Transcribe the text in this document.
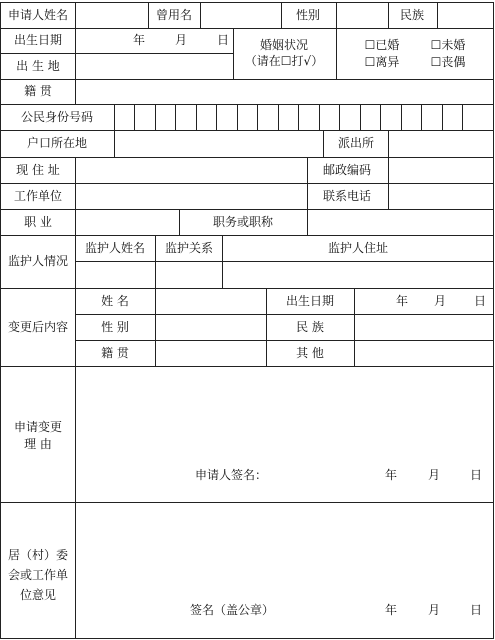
申请人姓名	曾用名	性别	民族
出生日期	年 月 日	婚姻状况
（请在☐打√）
☐已婚	☐未婚
☐离异	☐丧偶
出 生 地
籍 贯
公民身份号码
户口所在地	派出所
现 住 址	邮政编码
工作单位	联系电话
职 业	职务或职称
监护人情况
监护人姓名 监护关系	监护人住址
变更后内容
姓 名	出生日期	年 月 日
性 别	民 族
籍 贯	其 他
申请变更
理 由
申请人签名：	年	月 日
居（村）委会或工作单位意见
签名（盖公章）	年	月 日
